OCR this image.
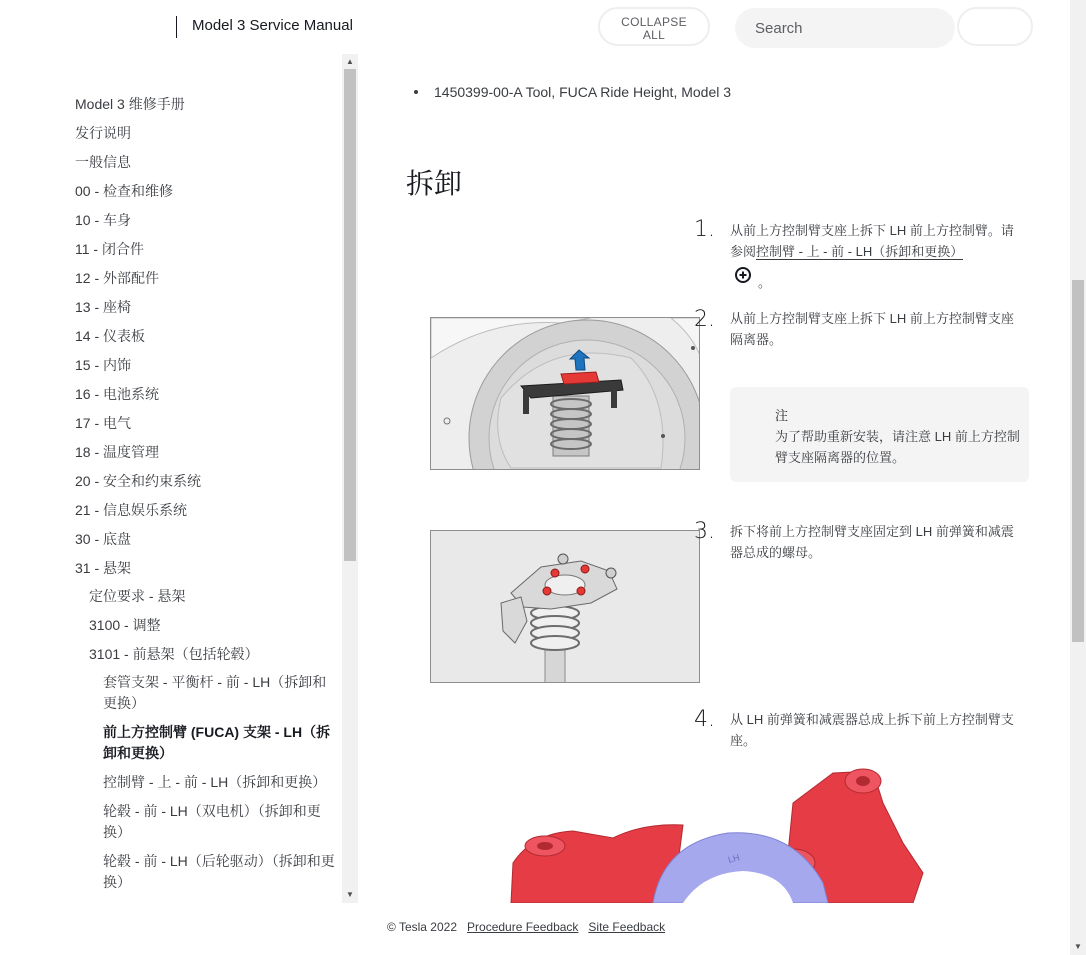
Model 3 Service Manual	COLLAPSE
ALL
Search
Model 3 维修手册
发行说明
一般信息
00 - 检查和维修
10 - 车身
11 - 闭合件
12 - 外部配件
13 - 座椅
14 - 仪表板
15 - 内饰
16 - 电池系统
17 - 电气
18 - 温度管理
20 - 安全和约束系统
21 - 信息娱乐系统
30 - 底盘
31 - 悬架
定位要求 - 悬架
3100 - 调整
3101 - 前悬架（包括轮毂）
套管支架 - 平衡杆 - 前 - LH（拆卸和更换）
前上方控制臂 (FUCA) 支架 - LH（拆卸和更换）
控制臂 - 上 - 前 - LH（拆卸和更换）
轮毂 - 前 - LH（双电机）（拆卸和更换）
轮毂 - 前 - LH（后轮驱动）（拆卸和更换）
▲
▼
1450399-00-A Tool, FUCA Ride Height, Model 3
拆卸
1. 从前上方控制臂支座上拆下 LH 前上方控制臂。请参阅控制臂 - 上 - 前 - LH（拆卸和更换）
。
2. 从前上方控制臂支座上拆下 LH 前上方控制臂支座隔离器。
注
为了帮助重新安装，请注意 LH 前上方控制臂支座隔离器的位置。
3. 拆下将前上方控制臂支座固定到 LH 前弹簧和减震器总成的螺母。
4. 从 LH 前弹簧和减震器总成上拆下前上方控制臂支座。
LH
© Tesla 2022 Procedure Feedback Site Feedback
▼
